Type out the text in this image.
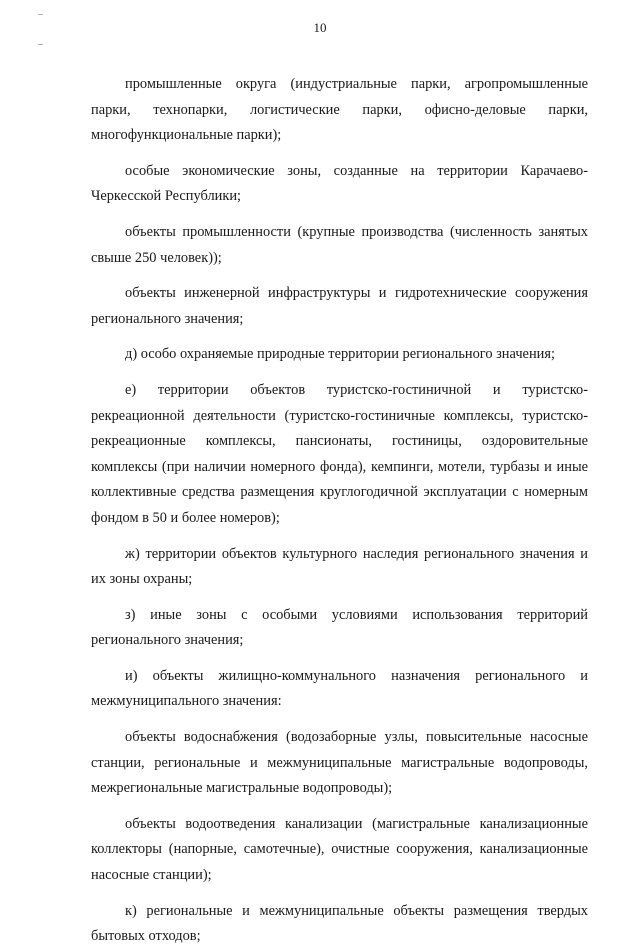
10

промышленные округа (индустриальные парки, агропромышленные парки, технопарки, логистические парки, офисно-деловые парки, многофункциональные парки);

особые экономические зоны, созданные на территории Карачаево-Черкесской Республики;

объекты промышленности (крупные производства (численность занятых свыше 250 человек));

объекты инженерной инфраструктуры и гидротехнические сооружения регионального значения;

д) особо охраняемые природные территории регионального значения;

е) территории объектов туристско-гостиничной и туристско-рекреационной деятельности (туристско-гостиничные комплексы, туристско-рекреационные комплексы, пансионаты, гостиницы, оздоровительные комплексы (при наличии номерного фонда), кемпинги, мотели, турбазы и иные коллективные средства размещения круглогодичной эксплуатации с номерным фондом в 50 и более номеров);

ж) территории объектов культурного наследия регионального значения и их зоны охраны;

з) иные зоны с особыми условиями использования территорий регионального значения;

и) объекты жилищно-коммунального назначения регионального и межмуниципального значения:

объекты водоснабжения (водозаборные узлы, повысительные насосные станции, региональные и межмуниципальные магистральные водопроводы, межрегиональные магистральные водопроводы);

объекты водоотведения канализации (магистральные канализационные коллекторы (напорные, самотечные), очистные сооружения, канализационные насосные станции);

к) региональные и межмуниципальные объекты размещения твердых бытовых отходов;
